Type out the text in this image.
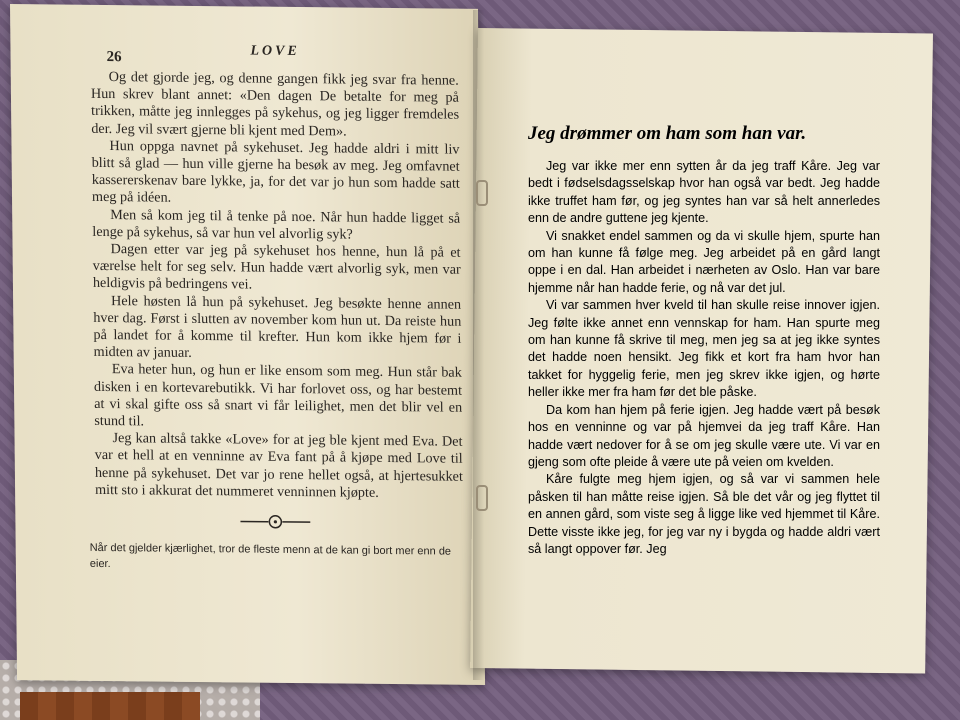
26	LOVE

Og det gjorde jeg, og denne gangen fikk jeg svar fra henne. Hun skrev blant annet: «Den dagen De betalte for meg på trikken, måtte jeg innlegges på sykehus, og jeg ligger fremdeles der. Jeg vil svært gjerne bli kjent med Dem».

Hun oppga navnet på sykehuset. Jeg hadde aldri i mitt liv blitt så glad — hun ville gjerne ha besøk av meg. Jeg omfavnet kassererskenav bare lykke, ja, for det var jo hun som hadde satt meg på idéen.

Men så kom jeg til å tenke på noe. Når hun hadde ligget så lenge på sykehus, så var hun vel alvorlig syk?

Dagen etter var jeg på sykehuset hos henne, hun lå på et værelse helt for seg selv. Hun hadde vært alvorlig syk, men var heldigvis på bedringens vei.

Hele høsten lå hun på sykehuset. Jeg besøkte henne annen hver dag. Først i slutten av november kom hun ut. Da reiste hun på landet for å komme til krefter. Hun kom ikke hjem før i midten av januar.

Eva heter hun, og hun er like ensom som meg. Hun står bak disken i en kortevarebutikk. Vi har forlovet oss, og har bestemt at vi skal gifte oss så snart vi får leilighet, men det blir vel en stund til.

Jeg kan altså takke «Love» for at jeg ble kjent med Eva. Det var et hell at en venninne av Eva fant på å kjøpe med Love til henne på sykehuset. Det var jo rene hellet også, at hjertesukket mitt sto i akkurat det nummeret venninnen kjøpte.

Når det gjelder kjærlighet, tror de fleste menn at de kan gi bort mer enn de eier.
Jeg drømmer om ham som han var.

Jeg var ikke mer enn sytten år da jeg traff Kåre. Jeg var bedt i fødselsdagsselskap hvor han også var bedt. Jeg hadde ikke truffet ham før, og jeg syntes han var så helt annerledes enn de andre guttene jeg kjente.

Vi snakket endel sammen og da vi skulle hjem, spurte han om han kunne få følge meg. Jeg arbeidet på en gård langt oppe i en dal. Han arbeidet i nærheten av Oslo. Han var bare hjemme når han hadde ferie, og nå var det jul.

Vi var sammen hver kveld til han skulle reise innover igjen. Jeg følte ikke annet enn vennskap for ham. Han spurte meg om han kunne få skrive til meg, men jeg sa at jeg ikke syntes det hadde noen hensikt. Jeg fikk et kort fra ham hvor han takket for hyggelig ferie, men jeg skrev ikke igjen, og hørte heller ikke mer fra ham før det ble påske.

Da kom han hjem på ferie igjen. Jeg hadde vært på besøk hos en venninne og var på hjemvei da jeg traff Kåre. Han hadde vært nedover for å se om jeg skulle være ute. Vi var en gjeng som ofte pleide å være ute på veien om kvelden.

Kåre fulgte meg hjem igjen, og så var vi sammen hele påsken til han måtte reise igjen. Så ble det vår og jeg flyttet til en annen gård, som viste seg å ligge like ved hjemmet til Kåre. Dette visste ikke jeg, for jeg var ny i bygda og hadde aldri vært så langt oppover før. Jeg
